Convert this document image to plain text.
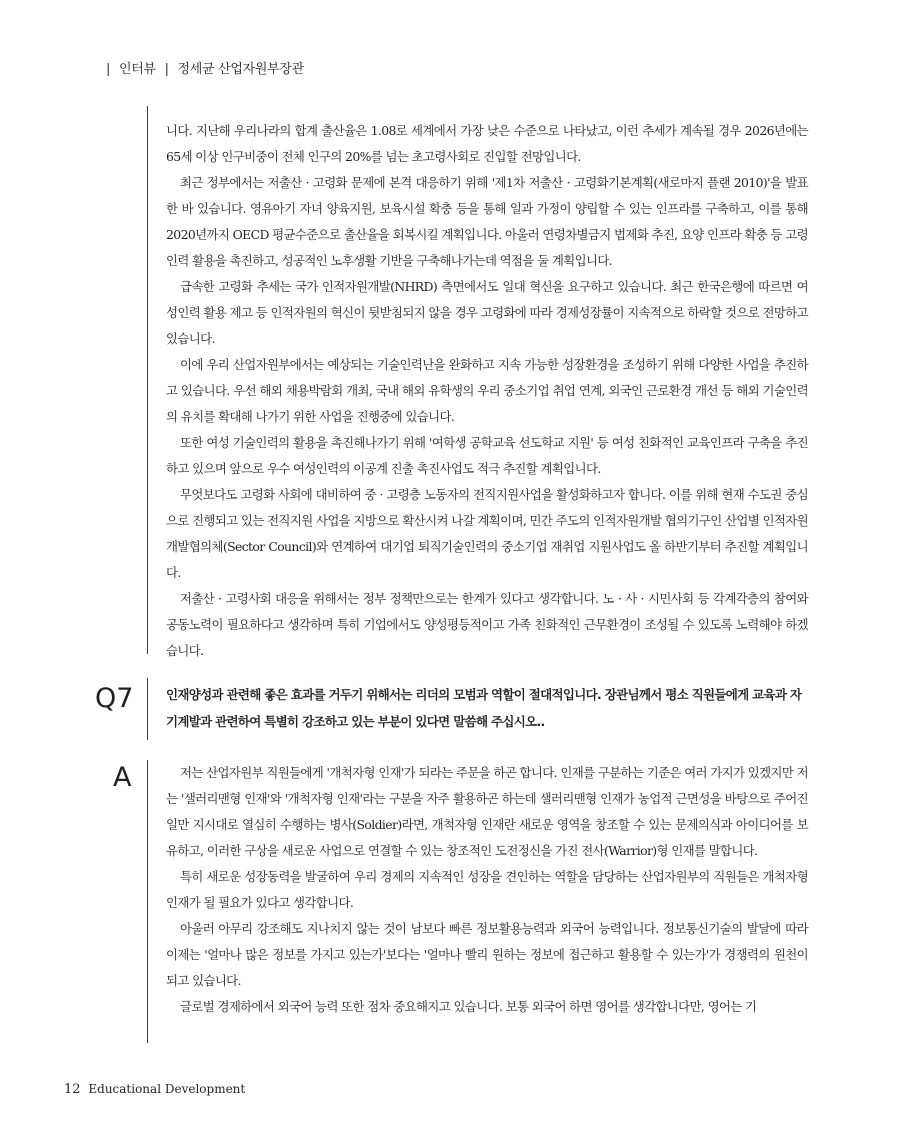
| 인터뷰 | 정세균 산업자원부장관

니다. 지난해 우리나라의 합계 출산율은 1.08로 세계에서 가장 낮은 수준으로 나타났고, 이런 추세가 계속될 경우 2026년에는 65세 이상 인구비중이 전체 인구의 20%를 넘는 초고령사회로 진입할 전망입니다.

최근 정부에서는 저출산 · 고령화 문제에 본격 대응하기 위해 '제1차 저출산 · 고령화기본계획(새로마지 플랜 2010)'을 발표한 바 있습니다. 영유아기 자녀 양육지원, 보육시설 확충 등을 통해 일과 가정이 양립할 수 있는 인프라를 구축하고, 이를 통해 2020년까지 OECD 평균수준으로 출산율을 회복시킬 계획입니다. 아울러 연령차별금지 법제화 추진, 요양 인프라 확충 등 고령인력 활용을 촉진하고, 성공적인 노후생활 기반을 구축해나가는데 역점을 둘 계획입니다.

급속한 고령화 추세는 국가 인적자원개발(NHRD) 측면에서도 일대 혁신을 요구하고 있습니다. 최근 한국은행에 따르면 여성인력 활용 제고 등 인적자원의 혁신이 뒷받침되지 않을 경우 고령화에 따라 경제성장률이 지속적으로 하락할 것으로 전망하고 있습니다.

이에 우리 산업자원부에서는 예상되는 기술인력난을 완화하고 지속 가능한 성장환경을 조성하기 위해 다양한 사업을 추진하고 있습니다. 우선 해외 채용박람회 개최, 국내 해외 유학생의 우리 중소기업 취업 연계, 외국인 근로환경 개선 등 해외 기술인력의 유치를 확대해 나가기 위한 사업을 진행중에 있습니다.

또한 여성 기술인력의 활용을 촉진해나가기 위해 '여학생 공학교육 선도학교 지원' 등 여성 친화적인 교육인프라 구축을 추진하고 있으며 앞으로 우수 여성인력의 이공계 진출 촉진사업도 적극 추진할 계획입니다.

무엇보다도 고령화 사회에 대비하여 중 · 고령층 노동자의 전직지원사업을 활성화하고자 합니다. 이를 위해 현재 수도권 중심으로 진행되고 있는 전직지원 사업을 지방으로 확산시켜 나갈 계획이며, 민간 주도의 인적자원개발 협의기구인 산업별 인적자원개발협의체(Sector Council)와 연계하여 대기업 퇴직기술인력의 중소기업 재취업 지원사업도 올 하반기부터 추진할 계획입니다.

저출산 · 고령사회 대응을 위해서는 정부 정책만으로는 한계가 있다고 생각합니다. 노 · 사 · 시민사회 등 각계각층의 참여와 공동노력이 필요하다고 생각하며 특히 기업에서도 양성평등적이고 가족 친화적인 근무환경이 조성될 수 있도록 노력해야 하겠습니다.

Q7	인재양성과 관련해 좋은 효과를 거두기 위해서는 리더의 모범과 역할이 절대적입니다. 장관님께서 평소 직원들에게 교육과 자기계발과 관련하여 특별히 강조하고 있는 부분이 있다면 말씀해 주십시오..
A	저는 산업자원부 직원들에게 '개척자형 인재'가 되라는 주문을 하곤 합니다. 인재를 구분하는 기준은 여러 가지가 있겠지만 저는 '샐러리맨형 인재'와 '개척자형 인재'라는 구분을 자주 활용하곤 하는데 샐러리맨형 인재가 농업적 근면성을 바탕으로 주어진 일만 지시대로 열심히 수행하는 병사(Soldier)라면, 개척자형 인재란 새로운 영역을 창조할 수 있는 문제의식과 아이디어를 보유하고, 이러한 구상을 새로운 사업으로 연결할 수 있는 창조적인 도전정신을 가진 전사(Warrior)형 인재를 말합니다.

특히 새로운 성장동력을 발굴하여 우리 경제의 지속적인 성장을 견인하는 역할을 담당하는 산업자원부의 직원들은 개척자형 인재가 될 필요가 있다고 생각합니다.

아울러 아무리 강조해도 지나치지 않는 것이 남보다 빠른 정보활용능력과 외국어 능력입니다. 정보통신기술의 발달에 따라 이제는 '얼마나 많은 정보를 가지고 있는가'보다는 '얼마나 빨리 원하는 정보에 접근하고 활용할 수 있는가'가 경쟁력의 원천이 되고 있습니다.

글로벌 경제하에서 외국어 능력 또한 점차 중요해지고 있습니다. 보통 외국어 하면 영어를 생각합니다만, 영어는 기

12 Educational Development
